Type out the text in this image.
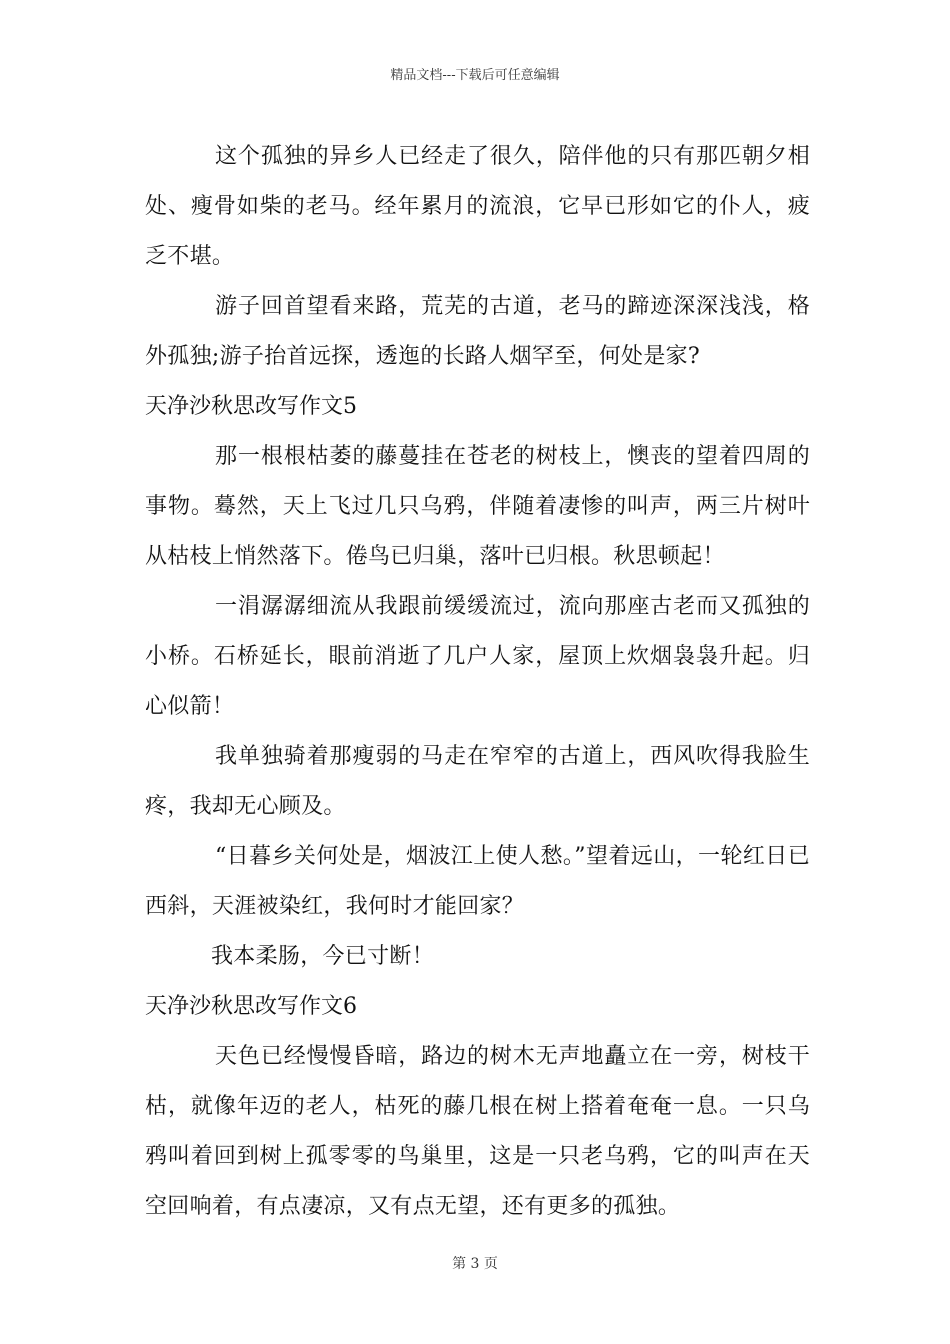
精品文档---下载后可任意编辑

这个孤独的异乡人已经走了很久，陪伴他的只有那匹朝夕相处、瘦骨如柴的老马。经年累月的流浪，它早已形如它的仆人，疲乏不堪。

游子回首望看来路，荒芜的古道，老马的蹄迹深深浅浅，格外孤独;游子抬首远探，透迤的长路人烟罕至，何处是家?

天净沙秋思改写作文5

那一根根枯萎的藤蔓挂在苍老的树枝上，懊丧的望着四周的事物。蓦然，天上飞过几只乌鸦，伴随着凄惨的叫声，两三片树叶从枯枝上悄然落下。倦鸟已归巢，落叶已归根。秋思顿起！

一涓潺潺细流从我跟前缓缓流过，流向那座古老而又孤独的小桥。石桥延长，眼前消逝了几户人家，屋顶上炊烟袅袅升起。归心似箭！

我单独骑着那瘦弱的马走在窄窄的古道上，西风吹得我脸生疼，我却无心顾及。

“日暮乡关何处是，烟波江上使人愁。”望着远山，一轮红日已西斜，天涯被染红，我何时才能回家？

我本柔肠，今已寸断！

天净沙秋思改写作文6

天色已经慢慢昏暗，路边的树木无声地矗立在一旁，树枝干枯，就像年迈的老人，枯死的藤几根在树上搭着奄奄一息。一只乌鸦叫着回到树上孤零零的鸟巢里，这是一只老乌鸦，它的叫声在天空回响着，有点凄凉，又有点无望，还有更多的孤独。

第 3 页
